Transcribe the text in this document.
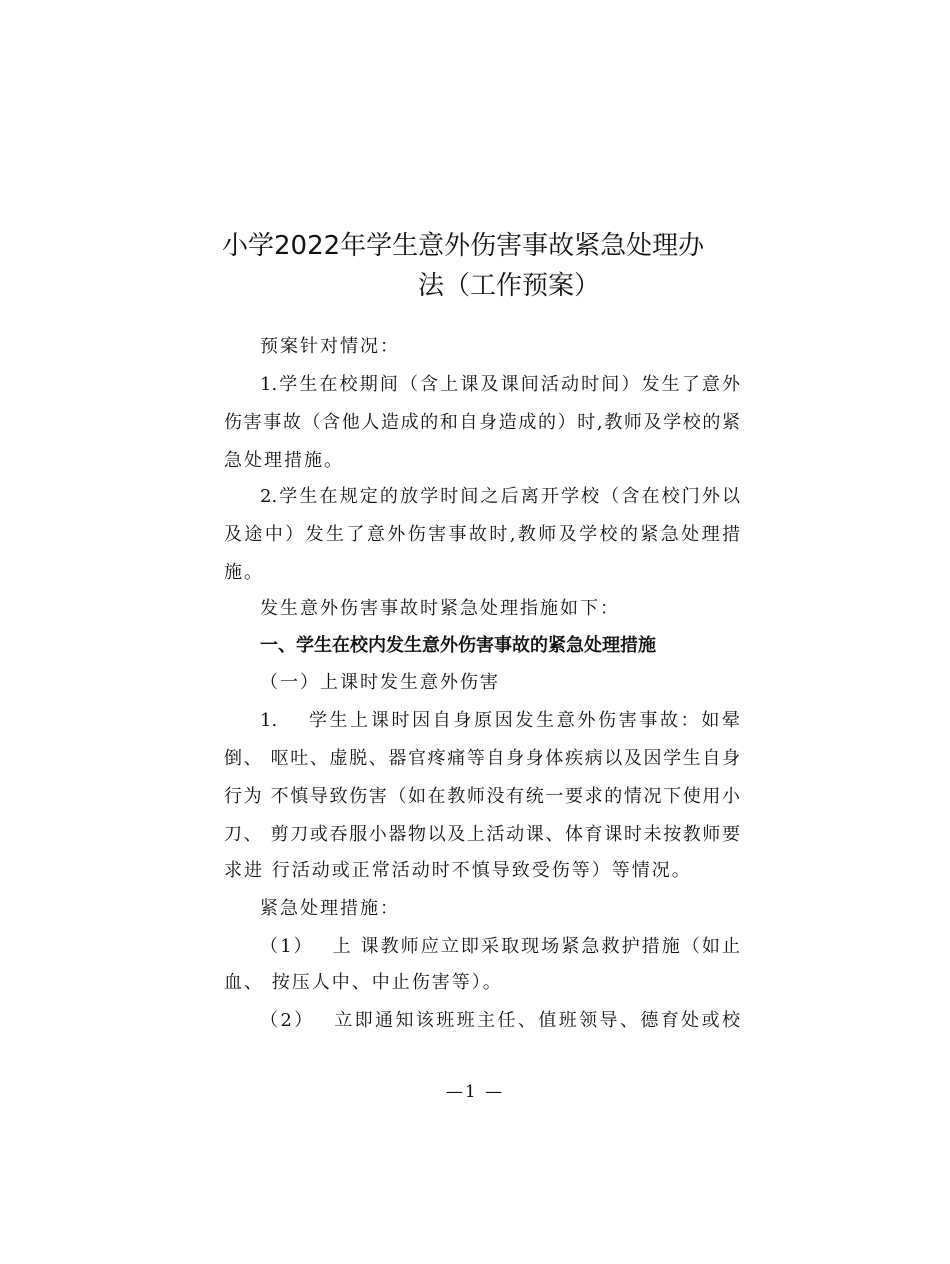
小学2022年学生意外伤害事故紧急处理办
法（工作预案）
预案针对情况：
1.学生在校期间（含上课及课间活动时间）发生了意外
伤害事故（含他人造成的和自身造成的）时,教师及学校的紧
急处理措施。
2.学生在规定的放学时间之后离开学校（含在校门外以
及途中）发生了意外伤害事故时,教师及学校的紧急处理措
施。
发生意外伤害事故时紧急处理指施如下：
一、学生在校内发生意外伤害事故的紧急处理措施
（一）上课时发生意外伤害
1.　 学生上课时因自身原因发生意外伤害事故：如晕
倒、 呕吐、虚脱、器官疼痛等自身身体疾病以及因学生自身
行为 不慎导致伤害（如在教师没有统一要求的情况下使用小
刀、 剪刀或吞服小器物以及上活动课、体育课时未按教师要
求进 行活动或正常活动时不慎导致受伤等）等情况。
紧急处理措施：
（1）　 上 课教师应立即采取现场紧急救护措施（如止
血、 按压人中、中止伤害等）。
（2）　 立即通知该班班主任、值班领导、德育处或校
—1 —
